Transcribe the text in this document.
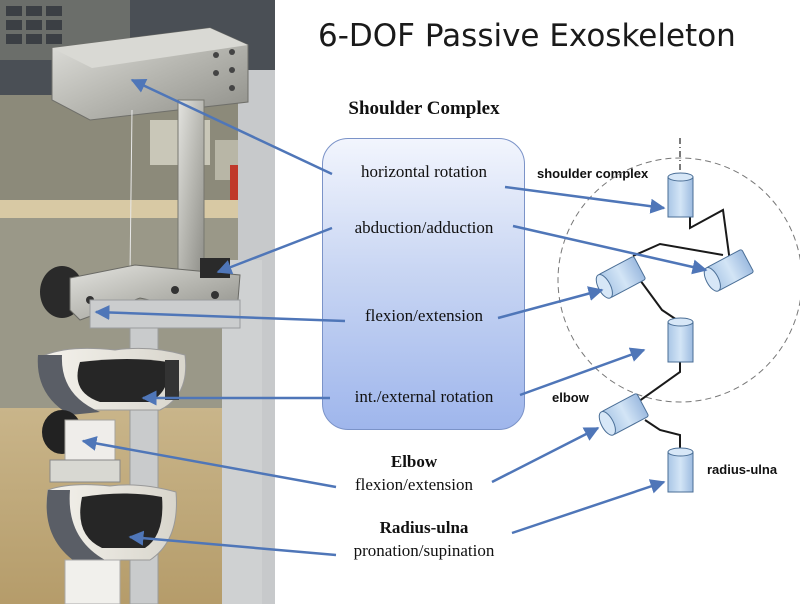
6-DOF Passive Exoskeleton
Shoulder Complex
horizontal rotation
abduction/adduction
flexion/extension
int./external rotation
Elbow
flexion/extension
Radius-ulna
pronation/supination
shoulder complex
elbow
radius-ulna
